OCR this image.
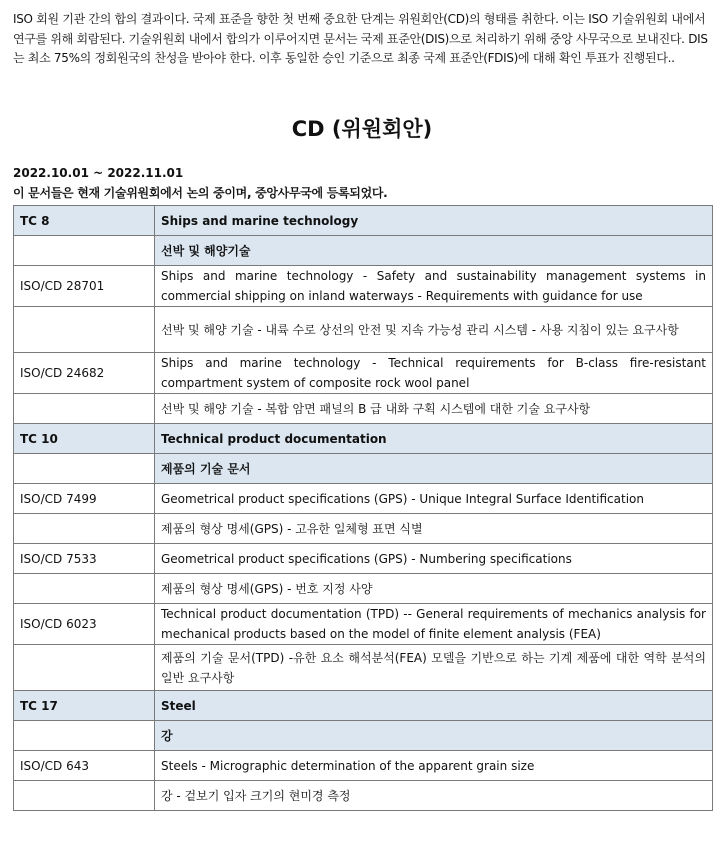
ISO 회원 기관 간의 합의 결과이다. 국제 표준을 향한 첫 번째 중요한 단계는 위원회안(CD)의 형태를 취한다. 이는 ISO 기술위원회 내에서 연구를 위해 회람된다. 기술위원회 내에서 합의가 이루어지면 문서는 국제 표준안(DIS)으로 처리하기 위해 중앙 사무국으로 보내진다. DIS는 최소 75%의 정회원국의 찬성을 받아야 한다. 이후 동일한 승인 기준으로 최종 국제 표준안(FDIS)에 대해 확인 투표가 진행된다..

CD (위원회안)
2022.10.01 ~ 2022.11.01
이 문서들은 현재 기술위원회에서 논의 중이며, 중앙사무국에 등록되었다.
TC 8	Ships and marine technology
	선박 및 해양기술
ISO/CD 28701	Ships and marine technology - Safety and sustainability management systems in commercial shipping on inland waterways - Requirements with guidance for use
	선박 및 해양 기술 - 내륙 수로 상선의 안전 및 지속 가능성 관리 시스템 - 사용 지침이 있는 요구사항
ISO/CD 24682	Ships and marine technology - Technical requirements for B-class fire-resistant compartment system of composite rock wool panel
	선박 및 해양 기술 - 복합 암면 패널의 B 급 내화 구획 시스템에 대한 기술 요구사항
TC 10	Technical product documentation
	제품의 기술 문서
ISO/CD 7499	Geometrical product specifications (GPS) - Unique Integral Surface Identification
	제품의 형상 명세(GPS) - 고유한 일체형 표면 식별
ISO/CD 7533	Geometrical product specifications (GPS) - Numbering specifications
	제품의 형상 명세(GPS) - 번호 지정 사양
ISO/CD 6023	Technical product documentation (TPD) -- General requirements of mechanics analysis for mechanical products based on the model of finite element analysis (FEA)
	제품의 기술 문서(TPD) -유한 요소 해석분석(FEA) 모델을 기반으로 하는 기계 제품에 대한 역학 분석의 일반 요구사항
TC 17	Steel
	강
ISO/CD 643	Steels - Micrographic determination of the apparent grain size
	강 - 겉보기 입자 크기의 현미경 측정
